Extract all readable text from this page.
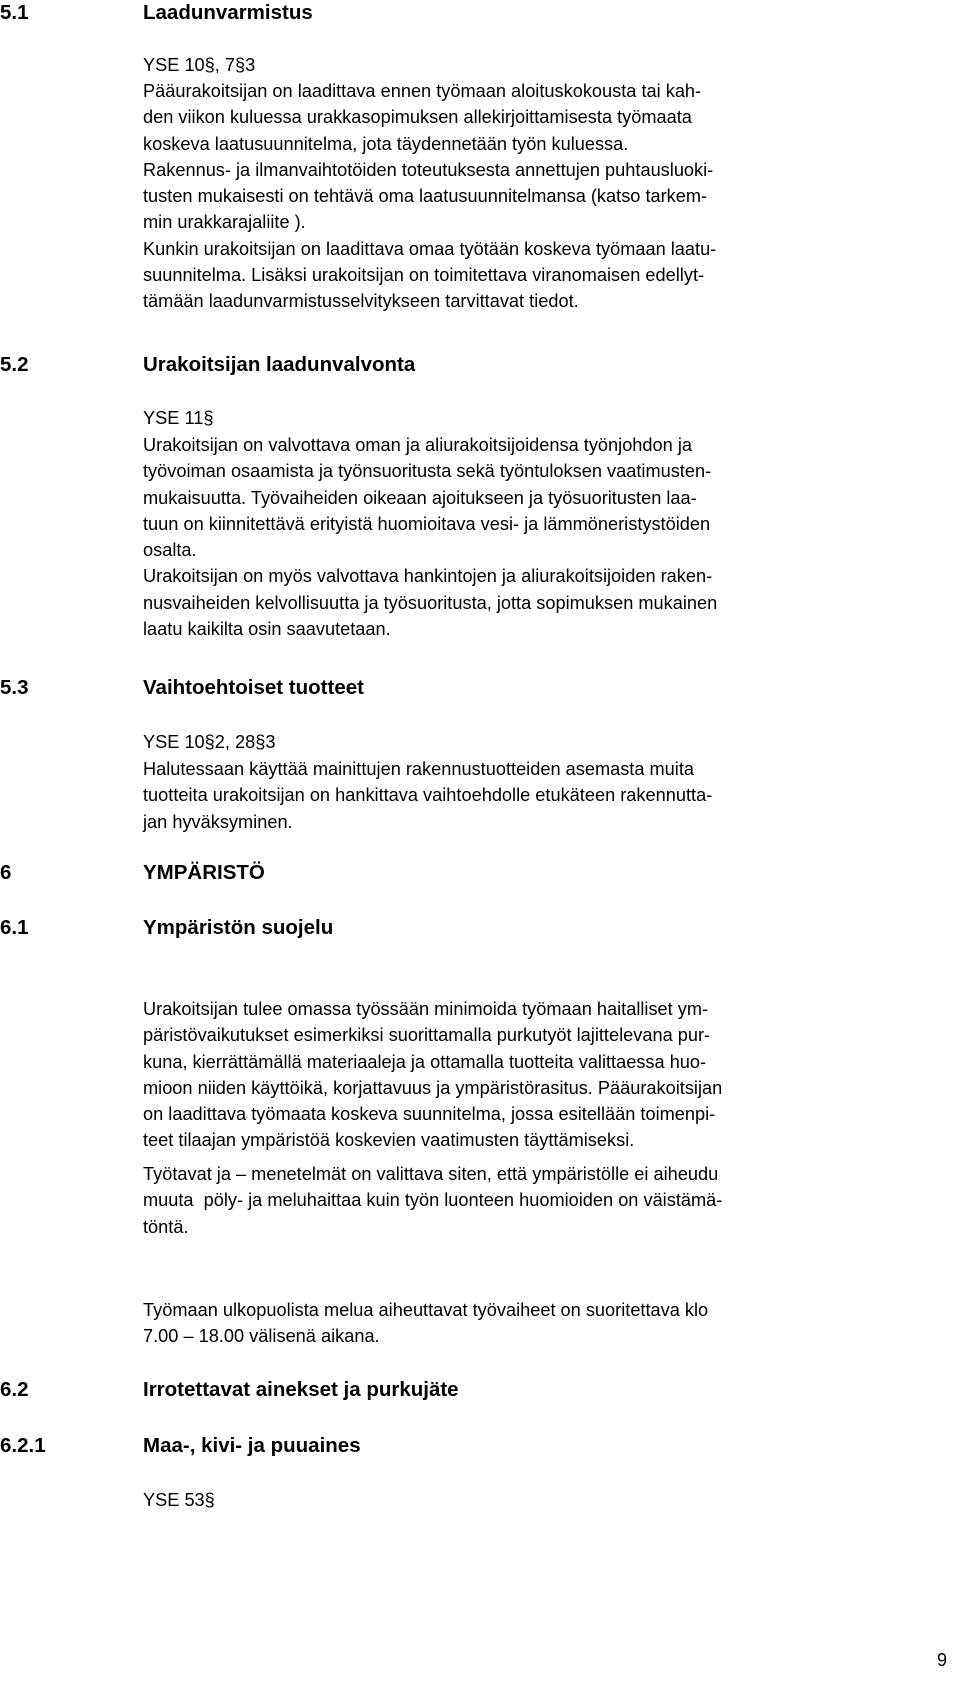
5.1	Laadunvarmistus

YSE 10§, 7§3

Pääurakoitsijan on laadittava ennen työmaan aloituskokousta tai kah-
den viikon kuluessa urakkasopimuksen allekirjoittamisesta työmaata
koskeva laatusuunnitelma, jota täydennetään työn kuluessa.
Rakennus- ja ilmanvaihtotöiden toteutuksesta annettujen puhtausluoki-
tusten mukaisesti on tehtävä oma laatusuunnitelmansa (katso tarkem-
min urakkarajaliite ).
Kunkin urakoitsijan on laadittava omaa työtään koskeva työmaan laatu-
suunnitelma. Lisäksi urakoitsijan on toimitettava viranomaisen edellyt-
tämään laadunvarmistusselvitykseen tarvittavat tiedot.

5.2	Urakoitsijan laadunvalvonta

YSE 11§

Urakoitsijan on valvottava oman ja aliurakoitsijoidensa työnjohdon ja
työvoiman osaamista ja työnsuoritusta sekä työntuloksen vaatimusten-
mukaisuutta. Työvaiheiden oikeaan ajoitukseen ja työsuoritusten laa-
tuun on kiinnitettävä erityistä huomioitava vesi- ja lämmöneristystöiden
osalta.
Urakoitsijan on myös valvottava hankintojen ja aliurakoitsijoiden raken-
nusvaiheiden kelvollisuutta ja työsuoritusta, jotta sopimuksen mukainen
laatu kaikilta osin saavutetaan.

5.3	Vaihtoehtoiset tuotteet

YSE 10§2, 28§3

Halutessaan käyttää mainittujen rakennustuotteiden asemasta muita
tuotteita urakoitsijan on hankittava vaihtoehdolle etukäteen rakennutta-
jan hyväksyminen.

6	YMPÄRISTÖ
6.1	Ympäristön suojelu

Urakoitsijan tulee omassa työssään minimoida työmaan haitalliset ym-
päristövaikutukset esimerkiksi suorittamalla purkutyöt lajittelevana pur-
kuna, kierrättämällä materiaaleja ja ottamalla tuotteita valittaessa huo-
mioon niiden käyttöikä, korjattavuus ja ympäristörasitus. Pääurakoitsijan
on laadittava työmaata koskeva suunnitelma, jossa esitellään toimenpi-
teet tilaajan ympäristöä koskevien vaatimusten täyttämiseksi.

Työtavat ja – menetelmät on valittava siten, että ympäristölle ei aiheudu
muuta  pöly- ja meluhaittaa kuin työn luonteen huomioiden on väistämä-
töntä.

Työmaan ulkopuolista melua aiheuttavat työvaiheet on suoritettava klo
7.00 – 18.00 välisenä aikana.

6.2	Irrotettavat ainekset ja purkujäte
6.2.1	Maa-, kivi- ja puuaines

YSE 53§

9
